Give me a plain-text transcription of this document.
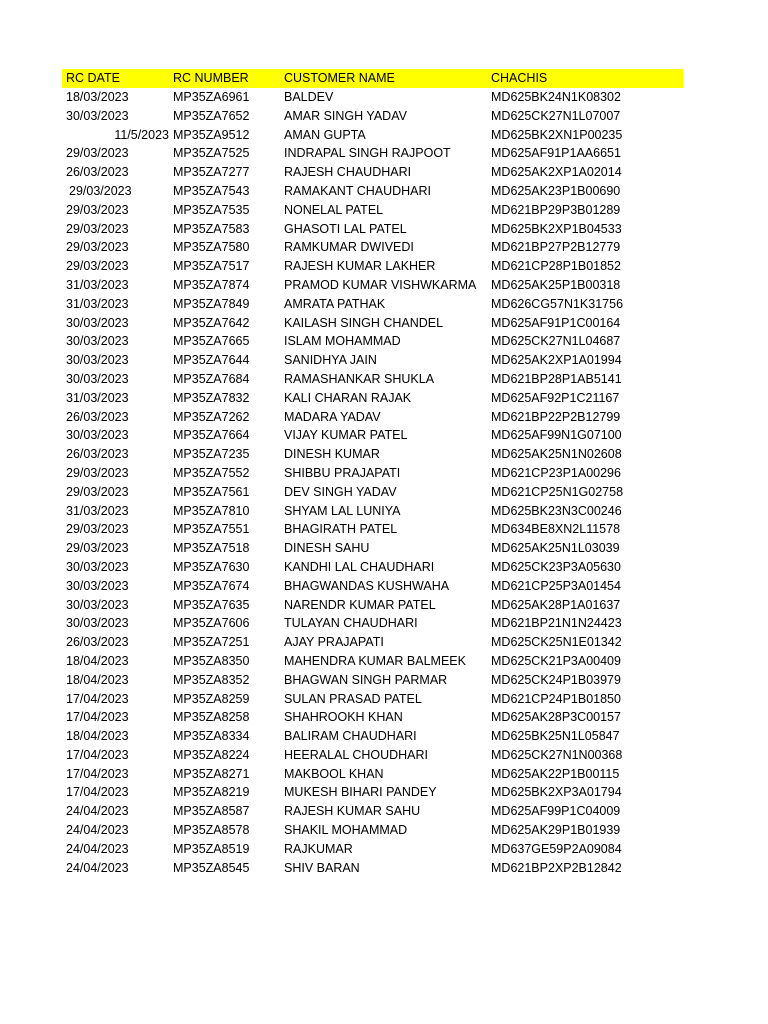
RC DATE	RC NUMBER	CUSTOMER NAME	CHACHIS
18/03/2023	MP35ZA6961	BALDEV	MD625BK24N1K08302
30/03/2023	MP35ZA7652	AMAR SINGH YADAV	MD625CK27N1L07007
11/5/2023 MP35ZA9512	AMAN GUPTA	MD625BK2XN1P00235
29/03/2023	MP35ZA7525	INDRAPAL SINGH RAJPOOT	MD625AF91P1AA6651
26/03/2023	MP35ZA7277	RAJESH CHAUDHARI	MD625AK2XP1A02014
29/03/2023	MP35ZA7543	RAMAKANT CHAUDHARI	MD625AK23P1B00690
29/03/2023	MP35ZA7535	NONELAL PATEL	MD621BP29P3B01289
29/03/2023	MP35ZA7583	GHASOTI LAL PATEL	MD625BK2XP1B04533
29/03/2023	MP35ZA7580	RAMKUMAR DWIVEDI	MD621BP27P2B12779
29/03/2023	MP35ZA7517	RAJESH KUMAR LAKHER	MD621CP28P1B01852
31/03/2023	MP35ZA7874	PRAMOD KUMAR VISHWKARMA	MD625AK25P1B00318
31/03/2023	MP35ZA7849	AMRATA PATHAK	MD626CG57N1K31756
30/03/2023	MP35ZA7642	KAILASH SINGH CHANDEL	MD625AF91P1C00164
30/03/2023	MP35ZA7665	ISLAM MOHAMMAD	MD625CK27N1L04687
30/03/2023	MP35ZA7644	SANIDHYA JAIN	MD625AK2XP1A01994
30/03/2023	MP35ZA7684	RAMASHANKAR SHUKLA	MD621BP28P1AB5141
31/03/2023	MP35ZA7832	KALI CHARAN RAJAK	MD625AF92P1C21167
26/03/2023	MP35ZA7262	MADARA YADAV	MD621BP22P2B12799
30/03/2023	MP35ZA7664	VIJAY KUMAR PATEL	MD625AF99N1G07100
26/03/2023	MP35ZA7235	DINESH KUMAR	MD625AK25N1N02608
29/03/2023	MP35ZA7552	SHIBBU PRAJAPATI	MD621CP23P1A00296
29/03/2023	MP35ZA7561	DEV SINGH YADAV	MD621CP25N1G02758
31/03/2023	MP35ZA7810	SHYAM LAL LUNIYA	MD625BK23N3C00246
29/03/2023	MP35ZA7551	BHAGIRATH PATEL	MD634BE8XN2L11578
29/03/2023	MP35ZA7518	DINESH SAHU	MD625AK25N1L03039
30/03/2023	MP35ZA7630	KANDHI LAL CHAUDHARI	MD625CK23P3A05630
30/03/2023	MP35ZA7674	BHAGWANDAS KUSHWAHA	MD621CP25P3A01454
30/03/2023	MP35ZA7635	NARENDR KUMAR PATEL	MD625AK28P1A01637
30/03/2023	MP35ZA7606	TULAYAN CHAUDHARI	MD621BP21N1N24423
26/03/2023	MP35ZA7251	AJAY PRAJAPATI	MD625CK25N1E01342
18/04/2023	MP35ZA8350	MAHENDRA KUMAR BALMEEK	MD625CK21P3A00409
18/04/2023	MP35ZA8352	BHAGWAN SINGH PARMAR	MD625CK24P1B03979
17/04/2023	MP35ZA8259	SULAN PRASAD PATEL	MD621CP24P1B01850
17/04/2023	MP35ZA8258	SHAHROOKH KHAN	MD625AK28P3C00157
18/04/2023	MP35ZA8334	BALIRAM CHAUDHARI	MD625BK25N1L05847
17/04/2023	MP35ZA8224	HEERALAL CHOUDHARI	MD625CK27N1N00368
17/04/2023	MP35ZA8271	MAKBOOL KHAN	MD625AK22P1B00115
17/04/2023	MP35ZA8219	MUKESH BIHARI PANDEY	MD625BK2XP3A01794
24/04/2023	MP35ZA8587	RAJESH KUMAR SAHU	MD625AF99P1C04009
24/04/2023	MP35ZA8578	SHAKIL MOHAMMAD	MD625AK29P1B01939
24/04/2023	MP35ZA8519	RAJKUMAR	MD637GE59P2A09084
24/04/2023	MP35ZA8545	SHIV BARAN	MD621BP2XP2B12842
